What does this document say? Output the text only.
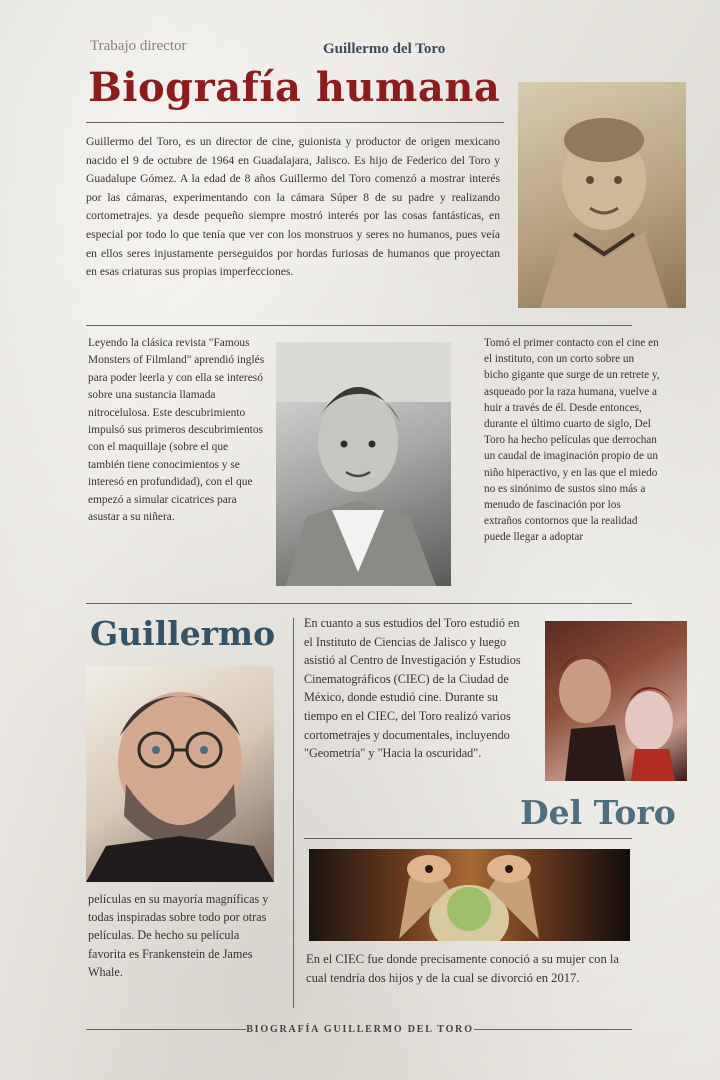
Trabajo director	Guillermo del Toro
Biografía humana
Guillermo del Toro, es un director de cine, guionista y productor de origen mexicano nacido el 9 de octubre de 1964 en Guadalajara, Jalisco. Es hijo de Federico del Toro y Guadalupe Gómez. A la edad de 8 años Guillermo del Toro comenzó a mostrar interés por las cámaras, experimentando con la cámara Súper 8 de su padre y realizando cortometrajes. ya desde pequeño siempre mostró interés por las cosas fantásticas, en especial por todo lo que tenía que ver con los monstruos y seres no humanos, pues veía en ellos seres injustamente perseguidos por hordas furiosas de humanos que proyectan en esas criaturas sus propias imperfecciones.
Leyendo la clásica revista "Famous Monsters of Filmland" aprendió inglés para poder leerla y con ella se interesó sobre una sustancia llamada nitrocelulosa. Este descubrimiento impulsó sus primeros descubrimientos con el maquillaje (sobre el que también tiene conocimientos y se interesó en profundidad), con el que empezó a simular cicatrices para asustar a su niñera.
Tomó el primer contacto con el cine en el instituto, con un corto sobre un bicho gigante que surge de un retrete y, asqueado por la raza humana, vuelve a huir a través de él. Desde entonces, durante el último cuarto de siglo, Del Toro ha hecho películas que derrochan un caudal de imaginación propio de un niño hiperactivo, y en las que el miedo no es sinónimo de sustos sino más a menudo de fascinación por los extraños contornos que la realidad puede llegar a adoptar
Guillermo En cuanto a sus estudios del Toro estudió en el Instituto de Ciencias de Jalisco y luego asistió al Centro de Investigación y Estudios Cinematográficos (CIEC) de la Ciudad de México, donde estudió cine. Durante su tiempo en el CIEC, del Toro realizó varios cortometrajes y documentales, incluyendo "Geometría" y "Hacia la oscuridad".
Del Toro
películas en su mayoría magníficas y todas inspiradas sobre todo por otras películas. De hecho su película favorita es Frankenstein de James Whale.
En el CIEC fue donde precisamente conoció a su mujer con la cual tendría dos hijos y de la cual se divorció en 2017.
BIOGRAFÍA GUILLERMO DEL TORO
